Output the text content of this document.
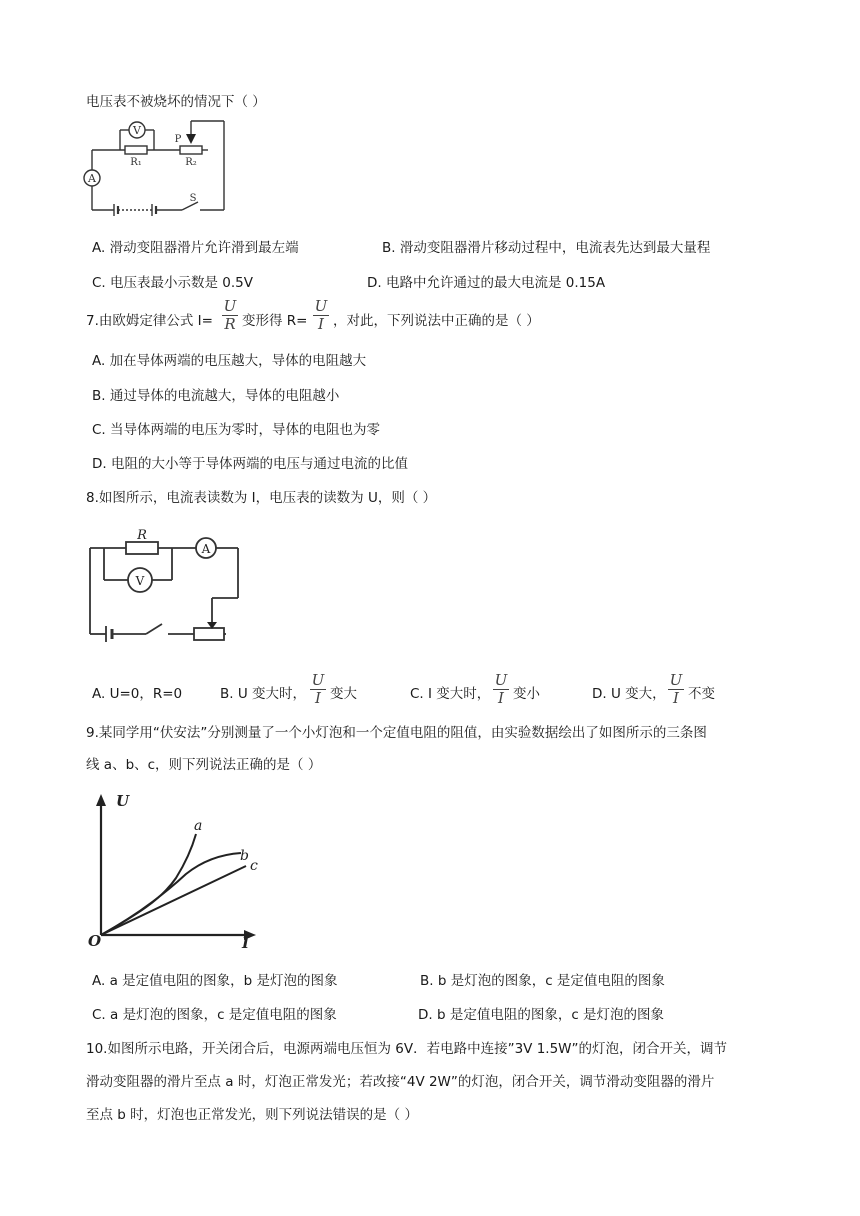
电压表不被烧坏的情况下（ ）
V
A
R₁	R₂
P
S
A. 滑动变阻器滑片允许滑到最左端	B. 滑动变阻器滑片移动过程中，电流表先达到最大量程
C. 电压表最小示数是 0.5V	D. 电路中允许通过的最大电流是 0.15A
7.由欧姆定律公式 I=
U
R 变形得 R=
U
I ，对此，下列说法中正确的是（ ）
A. 加在导体两端的电压越大，导体的电阻越大
B. 通过导体的电流越大，导体的电阻越小
C. 当导体两端的电压为零时，导体的电阻也为零
D. 电阻的大小等于导体两端的电压与通过电流的比值
8.如图所示，电流表读数为 I，电压表的读数为 U，则（ ）
R
A
V
A. U=0，R=0	B. U 变大时，
U
I 变大	C. I 变大时，
U
I 变小	D. U 变大，
U
I 不变
9.某同学用“伏安法”分别测量了一个小灯泡和一个定值电阻的阻值，由实验数据绘出了如图所示的三条图
线 a、b、c，则下列说法正确的是（ ）
U
I
O
a
b
c
A. a 是定值电阻的图象，b 是灯泡的图象	B. b 是灯泡的图象，c 是定值电阻的图象
C. a 是灯泡的图象，c 是定值电阻的图象	D. b 是定值电阻的图象，c 是灯泡的图象
10.如图所示电路，开关闭合后，电源两端电压恒为 6V．若电路中连接”3V 1.5W”的灯泡，闭合开关，调节
滑动变阻器的滑片至点 a 时，灯泡正常发光；若改接“4V 2W”的灯泡，闭合开关，调节滑动变阻器的滑片
至点 b 时，灯泡也正常发光，则下列说法错误的是（ ）
